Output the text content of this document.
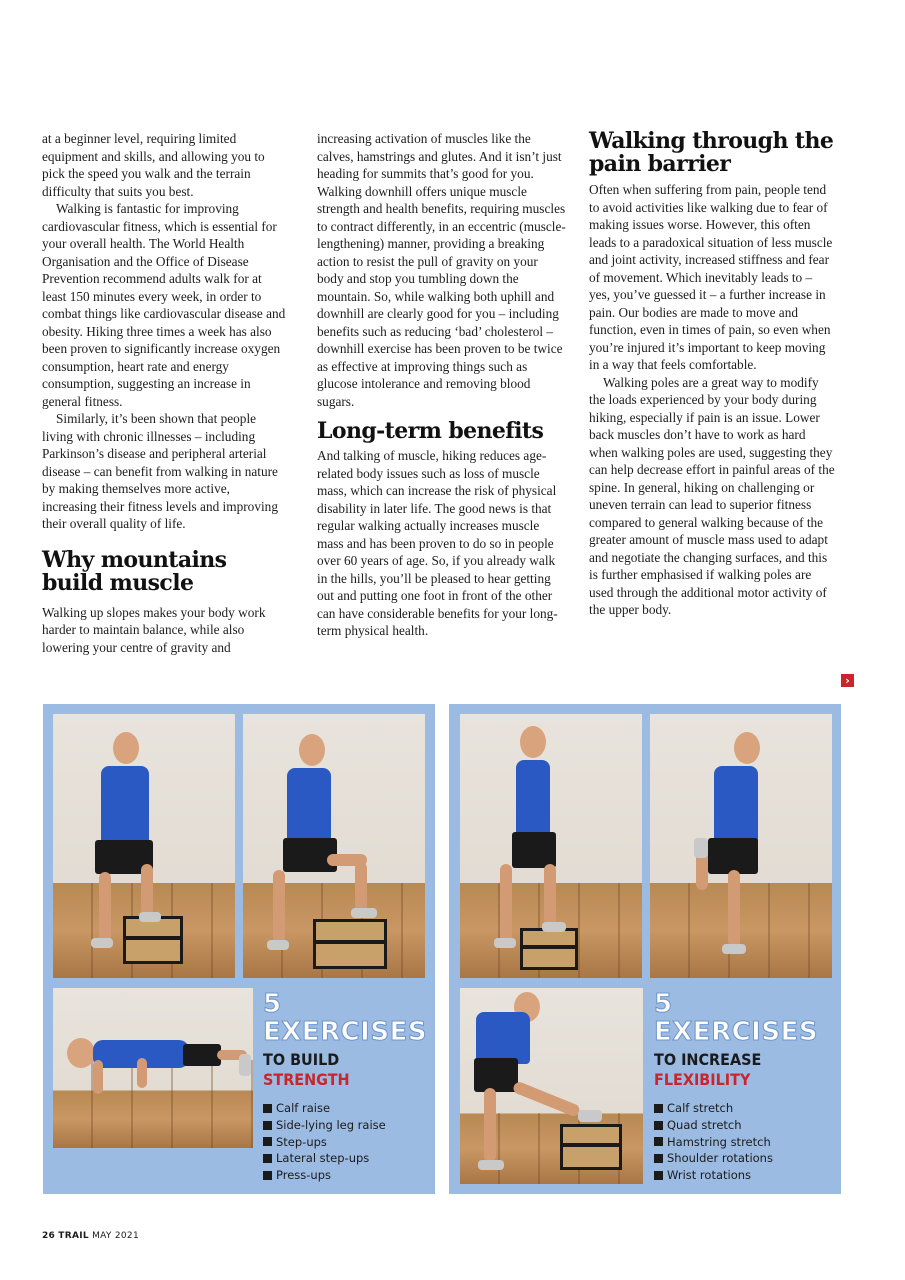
at a beginner level, requiring limited equipment and skills, and allowing you to pick the speed you walk and the terrain difficulty that suits you best.

Walking is fantastic for improving cardiovascular fitness, which is essential for your overall health. The World Health Organisation and the Office of Disease Prevention recommend adults walk for at least 150 minutes every week, in order to combat things like cardiovascular disease and obesity. Hiking three times a week has also been proven to significantly increase oxygen consumption, heart rate and energy consumption, suggesting an increase in general fitness.

Similarly, it’s been shown that people living with chronic illnesses – including Parkinson’s disease and peripheral arterial disease – can benefit from walking in nature by making themselves more active, increasing their fitness levels and improving their overall quality of life.

Why mountains build muscle

Walking up slopes makes your body work harder to maintain balance, while also lowering your centre of gravity and

increasing activation of muscles like the calves, hamstrings and glutes. And it isn’t just heading for summits that’s good for you. Walking downhill offers unique muscle strength and health benefits, requiring muscles to contract differently, in an eccentric (muscle-lengthening) manner, providing a breaking action to resist the pull of gravity on your body and stop you tumbling down the mountain. So, while walking both uphill and downhill are clearly good for you – including benefits such as reducing ‘bad’ cholesterol – downhill exercise has been proven to be twice as effective at improving things such as glucose intolerance and removing blood sugars.

Long-term benefits

And talking of muscle, hiking reduces age-related body issues such as loss of muscle mass, which can increase the risk of physical disability in later life. The good news is that regular walking actually increases muscle mass and has been proven to do so in people over 60 years of age. So, if you already walk in the hills, you’ll be pleased to hear getting out and putting one foot in front of the other can have considerable benefits for your long-term physical health.

Walking through the pain barrier

Often when suffering from pain, people tend to avoid activities like walking due to fear of making issues worse. However, this often leads to a paradoxical situation of less muscle and joint activity, increased stiffness and fear of movement. Which inevitably leads to – yes, you’ve guessed it – a further increase in pain. Our bodies are made to move and function, even in times of pain, so even when you’re injured it’s important to keep moving in a way that feels comfortable.

Walking poles are a great way to modify the loads experienced by your body during hiking, especially if pain is an issue. Lower back muscles don’t have to work as hard when walking poles are used, suggesting they can help decrease effort in painful areas of the spine. In general, hiking on challenging or uneven terrain can lead to superior fitness compared to general walking because of the greater amount of muscle mass used to adapt and negotiate the changing surfaces, and this is further emphasised if walking poles are used through the additional motor activity of the upper body.

›
5 EXERCISES
TO BUILD STRENGTH
Calf raise
Side-lying leg raise
Step-ups
Lateral step-ups
Press-ups
5 EXERCISES
TO INCREASE
FLEXIBILITY
Calf stretch
Quad stretch
Hamstring stretch
Shoulder rotations
Wrist rotations
26 TRAIL MAY 2021
